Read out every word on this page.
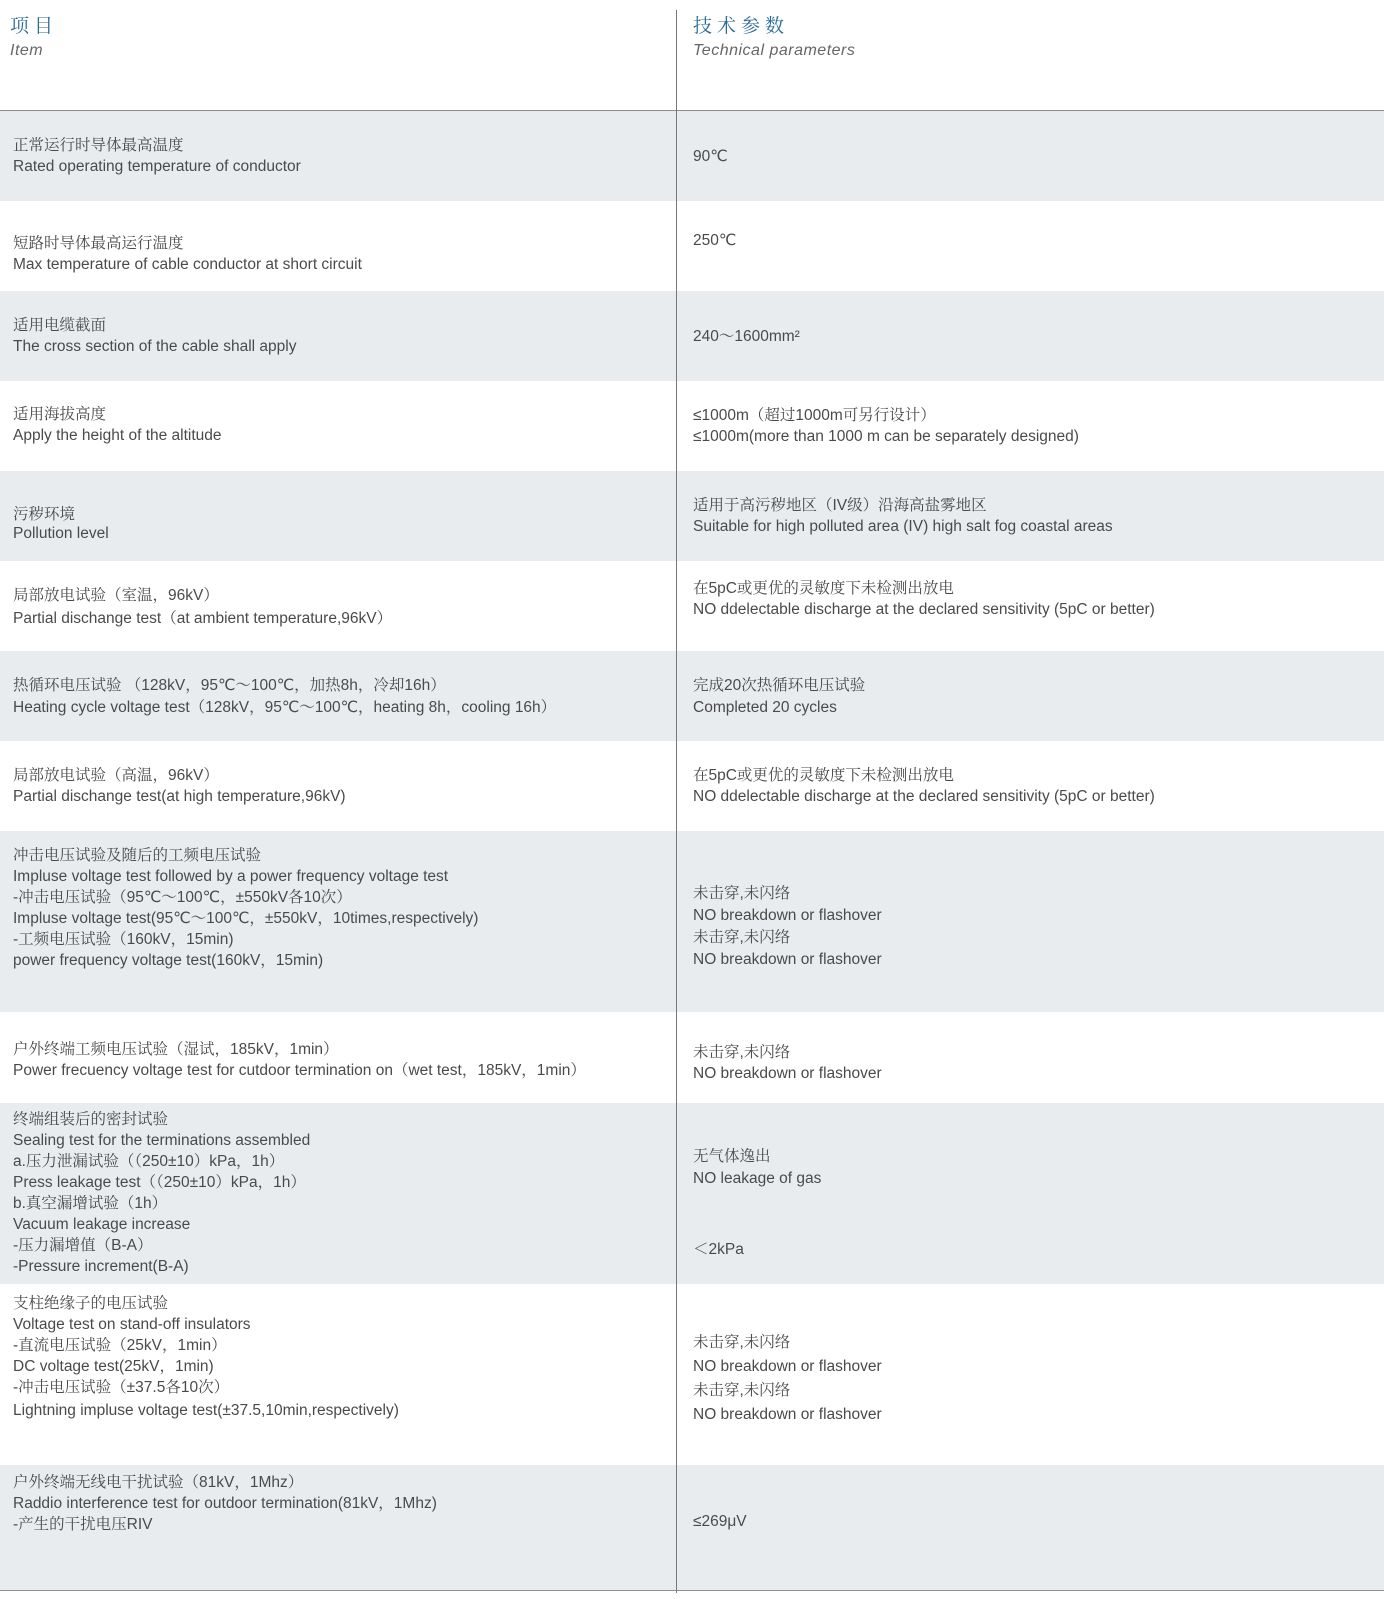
项目
Item
技术参数
Technical parameters
正常运行时导体最高温度
Rated operating temperature of conductor
90℃
短路时导体最高运行温度
Max temperature of cable conductor at short circuit
250℃
适用电缆截面
The cross section of the cable shall apply
240～1600mm²
适用海拔高度
Apply the height of the altitude
≤1000m（超过1000m可另行设计）
≤1000m(more than 1000 m can be separately designed)
污秽环境
Pollution level
适用于高污秽地区（IV级）沿海高盐雾地区
Suitable for high polluted area (IV) high salt fog coastal areas
局部放电试验（室温，96kV）
Partial dischange test（at ambient temperature,96kV）
在5pC或更优的灵敏度下未检测出放电
NO ddelectable discharge at the declared sensitivity (5pC or better)
热循环电压试验 （128kV，95℃～100℃，加热8h，冷却16h）
Heating cycle voltage test（128kV，95℃～100℃，heating 8h，cooling 16h）
完成20次热循环电压试验
Completed 20 cycles
局部放电试验（高温，96kV）
Partial dischange test(at high temperature,96kV)
在5pC或更优的灵敏度下未检测出放电
NO ddelectable discharge at the declared sensitivity (5pC or better)
冲击电压试验及随后的工频电压试验
Impluse voltage test followed by a power frequency voltage test
-冲击电压试验（95℃～100℃，±550kV各10次）
Impluse voltage test(95℃～100℃，±550kV，10times,respectively)
-工频电压试验（160kV，15min)
power frequency voltage test(160kV，15min)
未击穿,未闪络
NO breakdown or flashover
未击穿,未闪络
NO breakdown or flashover
户外终端工频电压试验（湿试，185kV，1min）
Power frecuency voltage test for cutdoor termination on（wet test，185kV，1min）
未击穿,未闪络
NO breakdown or flashover
终端组装后的密封试验
Sealing test for the terminations assembled
a.压力泄漏试验（（250±10）kPa，1h）
Press leakage test（（250±10）kPa，1h）
b.真空漏增试验（1h）
Vacuum leakage increase
-压力漏增值（B-A）
-Pressure increment(B-A)
无气体逸出
NO leakage of gas
＜2kPa
支柱绝缘子的电压试验
Voltage test on stand-off insulators
-直流电压试验（25kV，1min）
DC voltage test(25kV，1min)
-冲击电压试验（±37.5各10次）
Lightning impluse voltage test(±37.5,10min,respectively)
未击穿,未闪络
NO breakdown or flashover
未击穿,未闪络
NO breakdown or flashover
户外终端无线电干扰试验（81kV，1Mhz）
Raddio interference test for outdoor termination(81kV，1Mhz)
-产生的干扰电压RIV	≤269μV
